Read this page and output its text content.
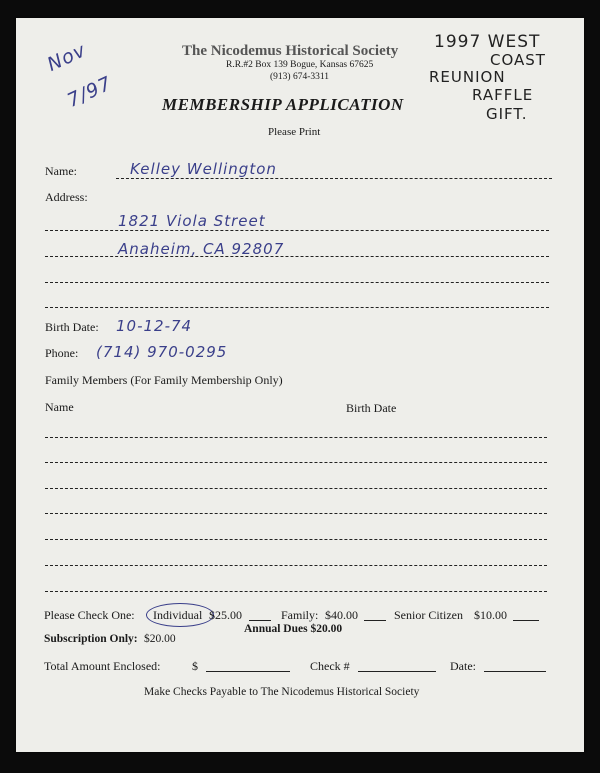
Nov
7/97
The Nicodemus Historical Society
R.R.#2 Box 139 Bogue, Kansas 67625
(913) 674-3311
1997 WEST
COAST
REUNION
RAFFLE
GIFT.
MEMBERSHIP APPLICATION
Please Print
Name:	Kelley Wellington
Address:
1821 Viola Street
Anaheim, CA 92807
Birth Date: 10-12-74
Phone: (714) 970-0295
Family Members (For Family Membership Only)
Name	Birth Date
Please Check One: Individual $25.00	Family: $40.00	Senior Citizen $10.00
Annual Dues $20.00
Subscription Only: $20.00
Total Amount Enclosed:	$	Check #	Date:
Make Checks Payable to The Nicodemus Historical Society
